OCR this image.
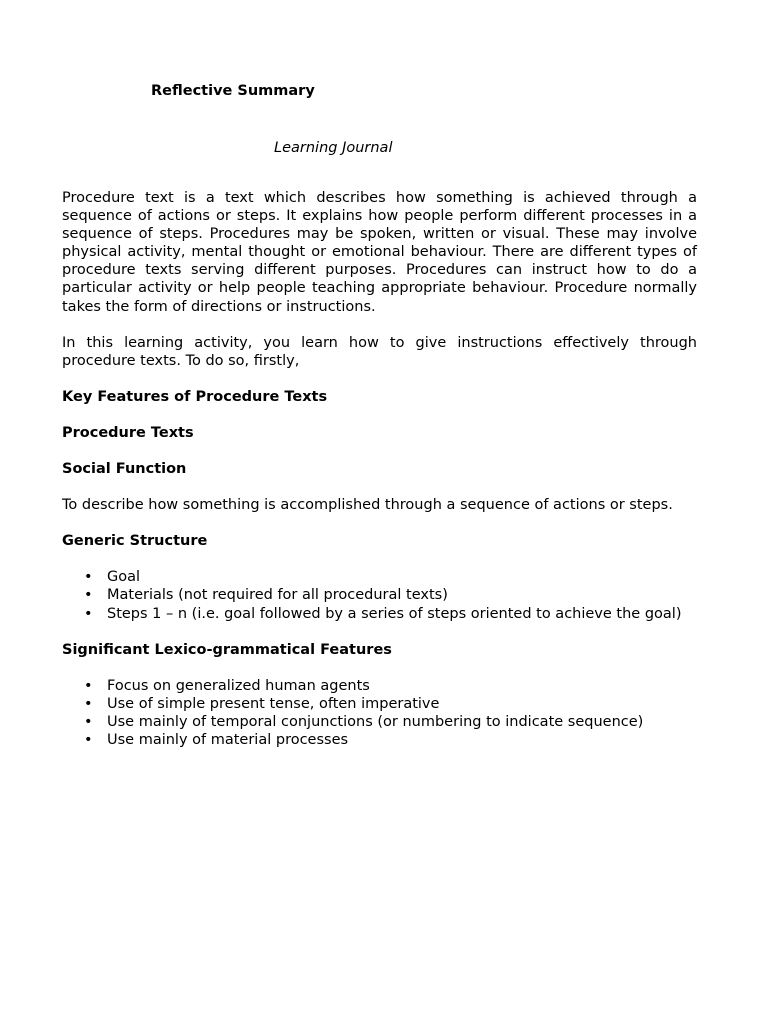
Reflective Summary
Learning Journal

Procedure text is a text which describes how something is achieved through a sequence of actions or steps. It explains how people perform different processes in a sequence of steps. Procedures may be spoken, written or visual. These may involve physical activity, mental thought or emotional behaviour. There are different types of procedure texts serving different purposes. Procedures can instruct how to do a particular activity or help people teaching appropriate behaviour. Procedure normally takes the form of directions or instructions.

In this learning activity, you learn how to give instructions effectively through procedure texts. To do so, firstly,

Key Features of Procedure Texts
Procedure Texts
Social Function

To describe how something is accomplished through a sequence of actions or steps.

Generic Structure
• Goal
• Materials (not required for all procedural texts)
• Steps 1 – n (i.e. goal followed by a series of steps oriented to achieve the goal)
Significant Lexico-grammatical Features
• Focus on generalized human agents
• Use of simple present tense, often imperative
• Use mainly of temporal conjunctions (or numbering to indicate sequence)
• Use mainly of material processes
